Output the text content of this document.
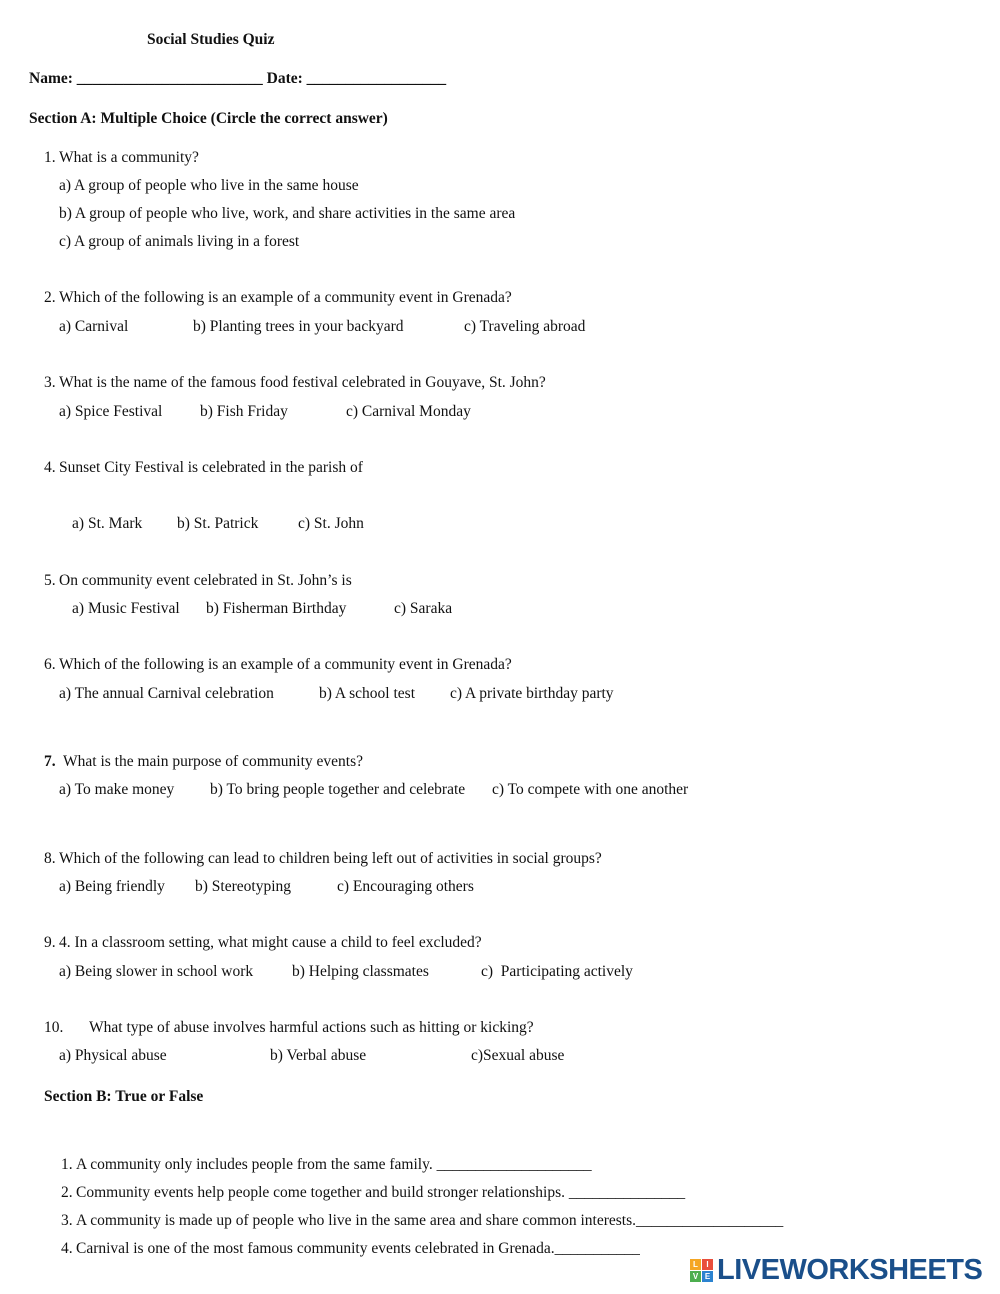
Social Studies Quiz
Name: ________________________ Date: __________________
Section A: Multiple Choice (Circle the correct answer)
1. What is a community?
a) A group of people who live in the same house
b) A group of people who live, work, and share activities in the same area
c) A group of animals living in a forest
2. Which of the following is an example of a community event in Grenada?
a) Carnival	b) Planting trees in your backyard	c) Traveling abroad
3. What is the name of the famous food festival celebrated in Gouyave, St. John?
a) Spice Festival b) Fish Friday	c) Carnival Monday
4. Sunset City Festival is celebrated in the parish of
a) St. Mark b) St. Patrick	c) St. John
5. On community event celebrated in St. John’s is
a) Music Festival b) Fisherman Birthday	c) Saraka
6. Which of the following is an example of a community event in Grenada?
a) The annual Carnival celebration	b) A school test c) A private birthday party
7. What is the main purpose of community events?
a) To make money b) To bring people together and celebrate c) To compete with one another
8. Which of the following can lead to children being left out of activities in social groups?
a) Being friendly b) Stereotyping	c) Encouraging others
9. 4. In a classroom setting, what might cause a child to feel excluded?
a) Being slower in school work	b) Helping classmates	c)  Participating actively
10. What type of abuse involves harmful actions such as hitting or kicking?
a) Physical abuse	b) Verbal abuse	c)Sexual abuse
Section B: True or False
1. A community only includes people from the same family. ____________________
2. Community events help people come together and build stronger relationships. _______________
3. A community is made up of people who live in the same area and share common interests.___________________
4. Carnival is one of the most famous community events celebrated in Grenada.___________
L	I
V E LIVEWORKSHEETS
